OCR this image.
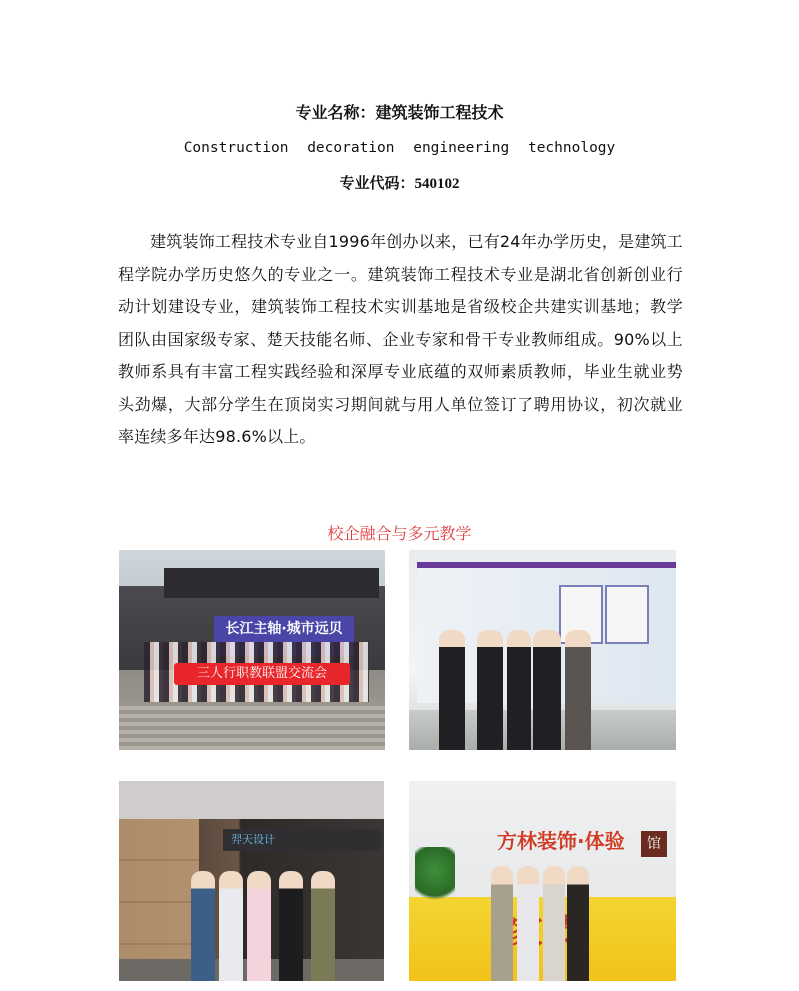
专业名称：建筑装饰工程技术
Construction decoration engineering technology
专业代码：540102
建筑装饰工程技术专业自1996年创办以来，已有24年办学历史，是建筑工程学院办学历史悠久的专业之一。建筑装饰工程技术专业是湖北省创新创业行动计划建设专业，建筑装饰工程技术实训基地是省级校企共建实训基地；教学团队由国家级专家、楚天技能名师、企业专家和骨干专业教师组成。90%以上教师系具有丰富工程实践经验和深厚专业底蕴的双师素质教师，毕业生就业势头劲爆，大部分学生在顶岗实习期间就与用人单位签订了聘用协议，初次就业率连续多年达98.6%以上。
校企融合与多元教学
长江主轴·城市远贝
三人行职教联盟交流会
羿天设计	方林装饰·体验	馆
